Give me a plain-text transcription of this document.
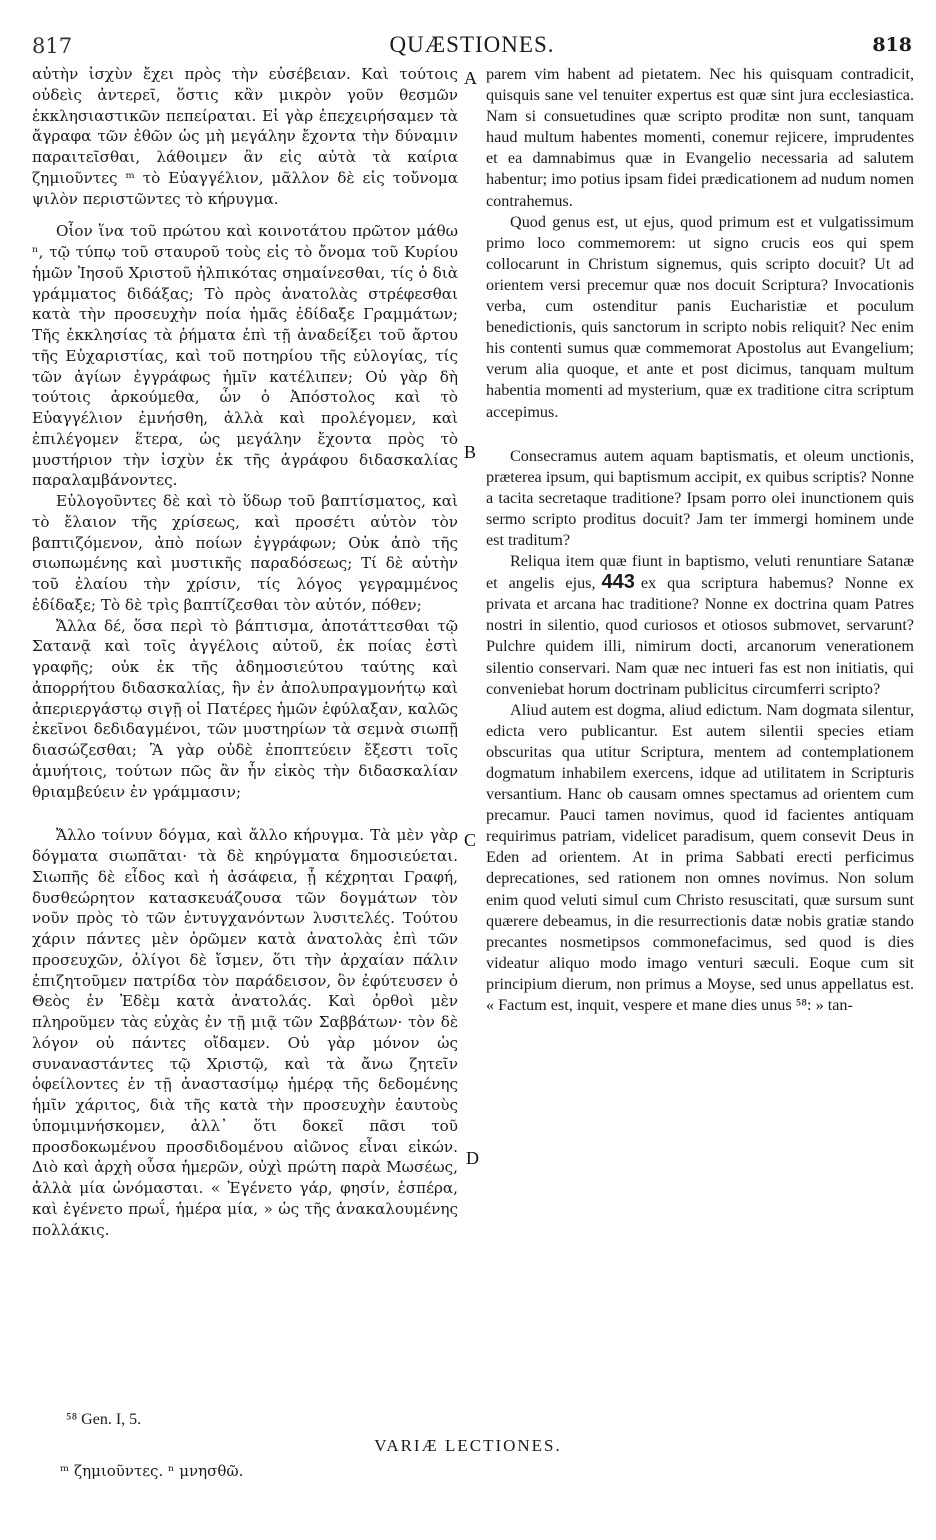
817	QUÆSTIONES.	818

αὐτὴν ἰσχὺν ἔχει πρὸς τὴν εὐσέβειαν. Καὶ τούτοις οὐδεὶς ἀντερεῖ, ὅστις κἂν μικρὸν γοῦν θεσμῶν ἐκκλησιαστικῶν πεπείραται. Εἰ γὰρ ἐπεχειρήσαμεν τὰ ἄγραφα τῶν ἐθῶν ὡς μὴ μεγάλην ἔχοντα τὴν δύναμιν παραιτεῖσθαι, λάθοιμεν ἂν εἰς αὐτὰ τὰ καίρια ζημιοῦντες ᵐ τὸ Εὐαγγέλιον, μᾶλλον δὲ εἰς τοὔνομα ψιλὸν περιστῶντες τὸ κήρυγμα.

Οἷον ἵνα τοῦ πρώτου καὶ κοινοτάτου πρῶτον μάθω ⁿ, τῷ τύπῳ τοῦ σταυροῦ τοὺς εἰς τὸ ὄνομα τοῦ Κυρίου ἡμῶν Ἰησοῦ Χριστοῦ ἠλπικότας σημαίνεσθαι, τίς ὁ διὰ γράμματος διδάξας; Τὸ πρὸς ἀνατολὰς στρέφεσθαι κατὰ τὴν προσευχὴν ποία ἡμᾶς ἐδίδαξε Γραμμάτων; Τῆς ἐκκλησίας τὰ ῥήματα ἐπὶ τῇ ἀναδείξει τοῦ ἄρτου τῆς Εὐχαριστίας, καὶ τοῦ ποτηρίου τῆς εὐλογίας, τίς τῶν ἁγίων ἐγγράφως ἡμῖν κατέλιπεν; Οὐ γὰρ δὴ τούτοις ἀρκούμεθα, ὧν ὁ Ἀπόστολος καὶ τὸ Εὐαγγέλιον ἐμνήσθη, ἀλλὰ καὶ προλέγομεν, καὶ ἐπιλέγομεν ἕτερα, ὡς μεγάλην ἔχοντα πρὸς τὸ μυστήριον τὴν ἰσχὺν ἐκ τῆς ἀγράφου διδασκαλίας παραλαμβάνοντες.

Εὐλογοῦντες δὲ καὶ τὸ ὕδωρ τοῦ βαπτίσματος, καὶ τὸ ἔλαιον τῆς χρίσεως, καὶ προσέτι αὐτὸν τὸν βαπτιζόμενον, ἀπὸ ποίων ἐγγράφων; Οὐκ ἀπὸ τῆς σιωπωμένης καὶ μυστικῆς παραδόσεως; Τί δὲ αὐτὴν τοῦ ἐλαίου τὴν χρίσιν, τίς λόγος γεγραμμένος ἐδίδαξε; Τὸ δὲ τρὶς βαπτίζεσθαι τὸν αὐτόν, πόθεν;

Ἄλλα δέ, ὅσα περὶ τὸ βάπτισμα, ἀποτάττεσθαι τῷ Σατανᾷ καὶ τοῖς ἀγγέλοις αὐτοῦ, ἐκ ποίας ἐστὶ γραφῆς; οὐκ ἐκ τῆς ἀδημοσιεύτου ταύτης καὶ ἀπορρήτου διδασκαλίας, ἣν ἐν ἀπολυπραγμονήτῳ καὶ ἀπεριεργάστῳ σιγῇ οἱ Πατέρες ἡμῶν ἐφύλαξαν, καλῶς ἐκεῖνοι δεδιδαγμένοι, τῶν μυστηρίων τὰ σεμνὰ σιωπῇ διασώζεσθαι; Ἃ γὰρ οὐδὲ ἐποπτεύειν ἔξεστι τοῖς ἀμυήτοις, τούτων πῶς ἂν ἦν εἰκὸς τὴν διδασκαλίαν θριαμβεύειν ἐν γράμμασιν;

Ἄλλο τοίνυν δόγμα, καὶ ἄλλο κήρυγμα. Τὰ μὲν γὰρ δόγματα σιωπᾶται· τὰ δὲ κηρύγματα δημοσιεύεται. Σιωπῆς δὲ εἶδος καὶ ἡ ἀσάφεια, ᾗ κέχρηται Γραφή, δυσθεώρητον κατασκευάζουσα τῶν δογμάτων τὸν νοῦν πρὸς τὸ τῶν ἐντυγχανόντων λυσιτελές. Τούτου χάριν πάντες μὲν ὁρῶμεν κατὰ ἀνατολὰς ἐπὶ τῶν προσευχῶν, ὀλίγοι δὲ ἴσμεν, ὅτι τὴν ἀρχαίαν πάλιν ἐπιζητοῦμεν πατρίδα τὸν παράδεισον, ὃν ἐφύτευσεν ὁ Θεὸς ἐν Ἐδὲμ κατὰ ἀνατολάς. Καὶ ὀρθοὶ μὲν πληροῦμεν τὰς εὐχὰς ἐν τῇ μιᾷ τῶν Σαββάτων· τὸν δὲ λόγον οὐ πάντες οἴδαμεν. Οὐ γὰρ μόνον ὡς συναναστάντες τῷ Χριστῷ, καὶ τὰ ἄνω ζητεῖν ὀφείλοντες ἐν τῇ ἀναστασίμῳ ἡμέρᾳ τῆς δεδομένης ἡμῖν χάριτος, διὰ τῆς κατὰ τὴν προσευχὴν ἑαυτοὺς ὑπομιμνήσκομεν, ἀλλ᾽ ὅτι δοκεῖ πᾶσι τοῦ προσδοκωμένου προσδιδομένου αἰῶνος εἶναι εἰκών. Διὸ καὶ ἀρχὴ οὖσα ἡμερῶν, οὐχὶ πρώτη παρὰ Μωσέως, ἀλλὰ μία ὠνόμασται. « Ἐγένετο γάρ, φησίν, ἑσπέρα, καὶ ἐγένετο πρωΐ, ἡμέρα μία, » ὡς τῆς ἀνακαλουμένης πολλάκις.

parem vim habent ad pietatem. Nec his quisquam contradicit, quisquis sane vel tenuiter expertus est quæ sint jura ecclesiastica. Nam si consuetudines quæ scripto proditæ non sunt, tanquam haud multum habentes momenti, conemur rejicere, imprudentes et ea damnabimus quæ in Evangelio necessaria ad salutem habentur; imo potius ipsam fidei prædicationem ad nudum nomen contrahemus.

Quod genus est, ut ejus, quod primum est et vulgatissimum primo loco commemorem: ut signo crucis eos qui spem collocarunt in Christum signemus, quis scripto docuit? Ut ad orientem versi precemur quæ nos docuit Scriptura? Invocationis verba, cum ostenditur panis Eucharistiæ et poculum benedictionis, quis sanctorum in scripto nobis reliquit? Nec enim his contenti sumus quæ commemorat Apostolus aut Evangelium; verum alia quoque, et ante et post dicimus, tanquam multum habentia momenti ad mysterium, quæ ex traditione citra scriptum accepimus.

Consecramus autem aquam baptismatis, et oleum unctionis, præterea ipsum, qui baptismum accipit, ex quibus scriptis? Nonne a tacita secretaque traditione? Ipsam porro olei inunctionem quis sermo scripto proditus docuit? Jam ter immergi hominem unde est traditum?

Reliqua item quæ fiunt in baptismo, veluti renuntiare Satanæ et angelis ejus, 443 ex qua scriptura habemus? Nonne ex privata et arcana hac traditione? Nonne ex doctrina quam Patres nostri in silentio, quod curiosos et otiosos submovet, servarunt? Pulchre quidem illi, nimirum docti, arcanorum venerationem silentio conservari. Nam quæ nec intueri fas est non initiatis, qui conveniebat horum doctrinam publicitus circumferri scripto?

Aliud autem est dogma, aliud edictum. Nam dogmata silentur, edicta vero publicantur. Est autem silentii species etiam obscuritas qua utitur Scriptura, mentem ad contemplationem dogmatum inhabilem exercens, idque ad utilitatem in Scripturis versantium. Hanc ob causam omnes spectamus ad orientem cum precamur. Pauci tamen novimus, quod id facientes antiquam requirimus patriam, videlicet paradisum, quem consevit Deus in Eden ad orientem. At in prima Sabbati erecti perficimus deprecationes, sed rationem non omnes novimus. Non solum enim quod veluti simul cum Christo resuscitati, quæ sursum sunt quærere debeamus, in die resurrectionis datæ nobis gratiæ stando precantes nosmetipsos commonefacimus, sed quod is dies videatur aliquo modo imago venturi sæculi. Eoque cum sit principium dierum, non primus a Moyse, sed unus appellatus est. « Factum est, inquit, vespere et mane dies unus ⁵⁸: » tan-

A
B
C
D
⁵⁸ Gen. I, 5.
VARIÆ LECTIONES.
ᵐ ζημιοῦντες. ⁿ μνησθῶ.
